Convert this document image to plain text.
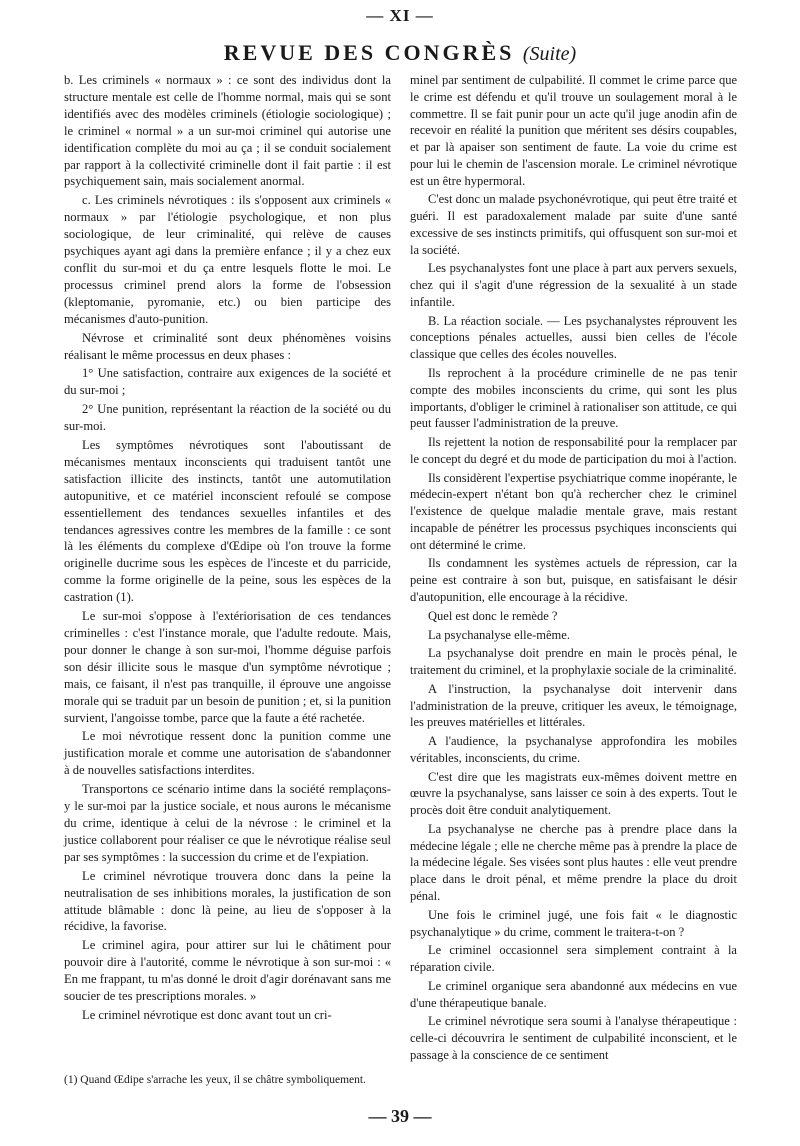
— XI —
REVUE DES CONGRÈS (Suite)

b. Les criminels « normaux » : ce sont des individus dont la structure mentale est celle de l'homme normal, mais qui se sont identifiés avec des modèles criminels (étiologie sociologique) ; le criminel « normal » a un sur-moi criminel qui autorise une identification complète du moi au ça ; il se conduit socialement par rapport à la collectivité criminelle dont il fait partie : il est psychiquement sain, mais socialement anormal.

c. Les criminels névrotiques : ils s'opposent aux criminels « normaux » par l'étiologie psychologique, et non plus sociologique, de leur criminalité, qui relève de causes psychiques ayant agi dans la première enfance ; il y a chez eux conflit du sur-moi et du ça entre lesquels flotte le moi. Le processus criminel prend alors la forme de l'obsession (kleptomanie, pyromanie, etc.) ou bien participe des mécanismes d'auto-punition.

Névrose et criminalité sont deux phénomènes voisins réalisant le même processus en deux phases :

1° Une satisfaction, contraire aux exigences de la société et du sur-moi ;

2° Une punition, représentant la réaction de la société ou du sur-moi.

Les symptômes névrotiques sont l'aboutissant de mécanismes mentaux inconscients qui traduisent tantôt une satisfaction illicite des instincts, tantôt une automutilation autopunitive, et ce matériel inconscient refoulé se compose essentiellement des tendances sexuelles infantiles et des tendances agressives contre les membres de la famille : ce sont là les éléments du complexe d'Œdipe où l'on trouve la forme originelle ducrime sous les espèces de l'inceste et du parricide, comme la forme originelle de la peine, sous les espèces de la castration (1).

Le sur-moi s'oppose à l'extériorisation de ces tendances criminelles : c'est l'instance morale, que l'adulte redoute. Mais, pour donner le change à son sur-moi, l'homme déguise parfois son désir illicite sous le masque d'un symptôme névrotique ; mais, ce faisant, il n'est pas tranquille, il éprouve une angoisse morale qui se traduit par un besoin de punition ; et, si la punition survient, l'angoisse tombe, parce que la faute a été rachetée.

Le moi névrotique ressent donc la punition comme une justification morale et comme une autorisation de s'abandonner à de nouvelles satisfactions interdites.

Transportons ce scénario intime dans la société remplaçons-y le sur-moi par la justice sociale, et nous aurons le mécanisme du crime, identique à celui de la névrose : le criminel et la justice collaborent pour réaliser ce que le névrotique réalise seul par ses symptômes : la succession du crime et de l'expiation.

Le criminel névrotique trouvera donc dans la peine la neutralisation de ses inhibitions morales, la justification de son attitude blâmable : donc là peine, au lieu de s'opposer à la récidive, la favorise.

Le criminel agira, pour attirer sur lui le châtiment pour pouvoir dire à l'autorité, comme le névrotique à son sur-moi : « En me frappant, tu m'as donné le droit d'agir dorénavant sans me soucier de tes prescriptions morales. »

Le criminel névrotique est donc avant tout un cri-

minel par sentiment de culpabilité. Il commet le crime parce que le crime est défendu et qu'il trouve un soulagement moral à le commettre. Il se fait punir pour un acte qu'il juge anodin afin de recevoir en réalité la punition que méritent ses désirs coupables, et par là apaiser son sentiment de faute. La voie du crime est pour lui le chemin de l'ascension morale. Le criminel névrotique est un être hypermoral.

C'est donc un malade psychonévrotique, qui peut être traité et guéri. Il est paradoxalement malade par suite d'une santé excessive de ses instincts primitifs, qui offusquent son sur-moi et la société.

Les psychanalystes font une place à part aux pervers sexuels, chez qui il s'agit d'une régression de la sexualité à un stade infantile.

B. La réaction sociale. — Les psychanalystes réprouvent les conceptions pénales actuelles, aussi bien celles de l'école classique que celles des écoles nouvelles.

Ils reprochent à la procédure criminelle de ne pas tenir compte des mobiles inconscients du crime, qui sont les plus importants, d'obliger le criminel à rationaliser son attitude, ce qui peut fausser l'administration de la preuve.

Ils rejettent la notion de responsabilité pour la remplacer par le concept du degré et du mode de participation du moi à l'action.

Ils considèrent l'expertise psychiatrique comme inopérante, le médecin-expert n'étant bon qu'à rechercher chez le criminel l'existence de quelque maladie mentale grave, mais restant incapable de pénétrer les processus psychiques inconscients qui ont déterminé le crime.

Ils condamnent les systèmes actuels de répression, car la peine est contraire à son but, puisque, en satisfaisant le désir d'autopunition, elle encourage à la récidive.

Quel est donc le remède ?

La psychanalyse elle-même.

La psychanalyse doit prendre en main le procès pénal, le traitement du criminel, et la prophylaxie sociale de la criminalité.

A l'instruction, la psychanalyse doit intervenir dans l'administration de la preuve, critiquer les aveux, le témoignage, les preuves matérielles et littérales.

A l'audience, la psychanalyse approfondira les mobiles véritables, inconscients, du crime.

C'est dire que les magistrats eux-mêmes doivent mettre en œuvre la psychanalyse, sans laisser ce soin à des experts. Tout le procès doit être conduit analytiquement.

La psychanalyse ne cherche pas à prendre place dans la médecine légale ; elle ne cherche même pas à prendre la place de la médecine légale. Ses visées sont plus hautes : elle veut prendre place dans le droit pénal, et même prendre la place du droit pénal.

Une fois le criminel jugé, une fois fait « le diagnostic psychanalytique » du crime, comment le traitera-t-on ?

Le criminel occasionnel sera simplement contraint à la réparation civile.

Le criminel organique sera abandonné aux médecins en vue d'une thérapeutique banale.

Le criminel névrotique sera soumi à l'analyse thérapeutique : celle-ci découvrira le sentiment de culpabilité inconscient, et le passage à la conscience de ce sentiment

(1) Quand Œdipe s'arrache les yeux, il se châtre symboliquement.
— 39 —
